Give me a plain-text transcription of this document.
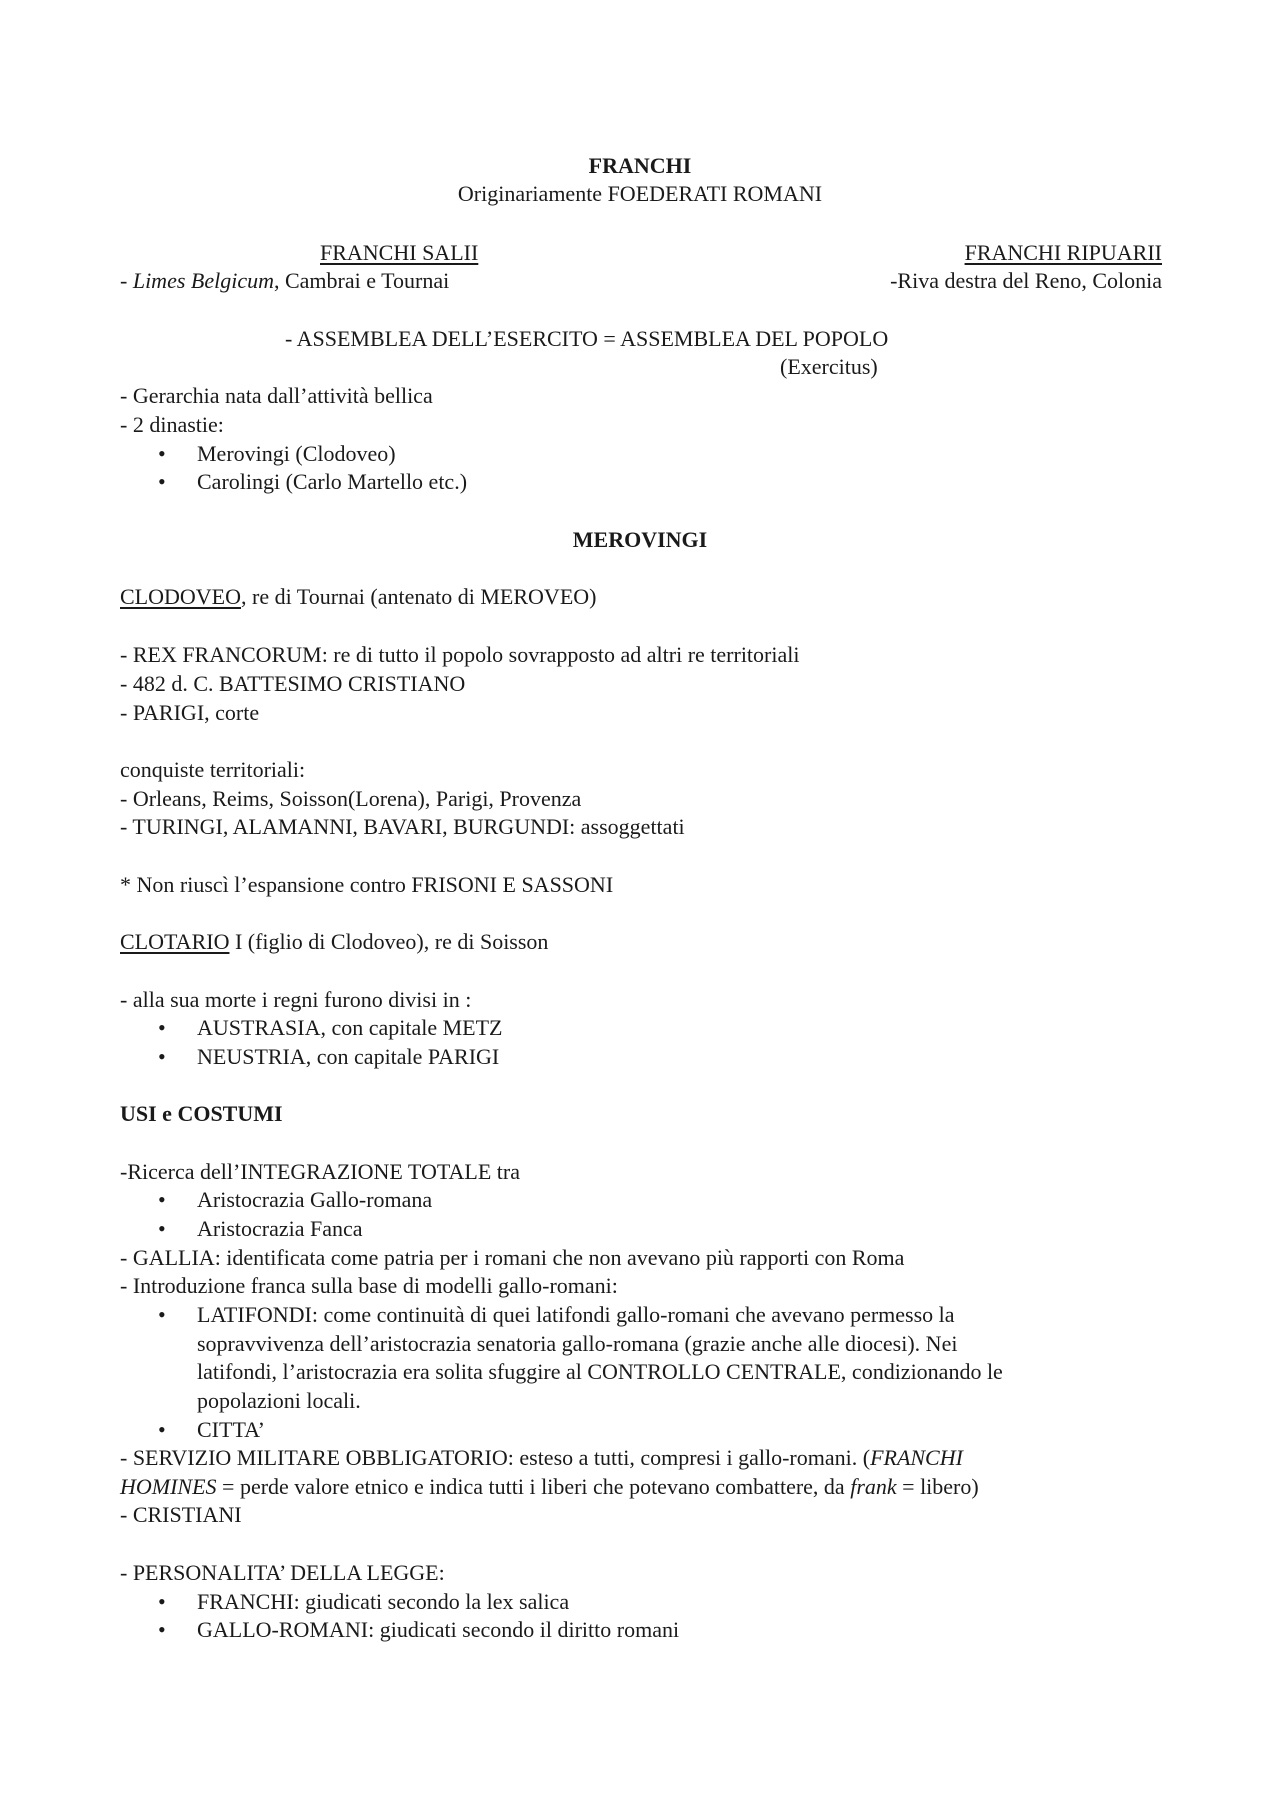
FRANCHI
Originariamente FOEDERATI ROMANI
FRANCHI SALII
- Limes Belgicum, Cambrai e Tournai
FRANCHI RIPUARII
-Riva destra del Reno, Colonia
- ASSEMBLEA DELL’ESERCITO = ASSEMBLEA DEL POPOLO
(Exercitus)
- Gerarchia nata dall’attività bellica
- 2 dinastie:
• Merovingi (Clodoveo)
• Carolingi (Carlo Martello etc.)
MEROVINGI
CLODOVEO, re di Tournai (antenato di MEROVEO)
- REX FRANCORUM: re di tutto il popolo sovrapposto ad altri re territoriali
- 482 d. C. BATTESIMO CRISTIANO
- PARIGI, corte
conquiste territoriali:
- Orleans, Reims, Soisson(Lorena), Parigi, Provenza
- TURINGI, ALAMANNI, BAVARI, BURGUNDI: assoggettati
* Non riuscì l’espansione contro FRISONI E SASSONI
CLOTARIO I (figlio di Clodoveo), re di Soisson
- alla sua morte i regni furono divisi in :
• AUSTRASIA, con capitale METZ
• NEUSTRIA, con capitale PARIGI
USI e COSTUMI
-Ricerca dell’INTEGRAZIONE TOTALE tra
• Aristocrazia Gallo-romana
• Aristocrazia Fanca
- GALLIA: identificata come patria per i romani che non avevano più rapporti con Roma
- Introduzione franca sulla base di modelli gallo-romani:
• LATIFONDI: come continuità di quei latifondi gallo-romani che avevano permesso la
sopravvivenza dell’aristocrazia senatoria gallo-romana (grazie anche alle diocesi). Nei
latifondi, l’aristocrazia era solita sfuggire al CONTROLLO CENTRALE, condizionando le
popolazioni locali.
• CITTA’
- SERVIZIO MILITARE OBBLIGATORIO: esteso a tutti, compresi i gallo-romani. (FRANCHI
HOMINES = perde valore etnico e indica tutti i liberi che potevano combattere, da frank = libero)
- CRISTIANI
- PERSONALITA’ DELLA LEGGE:
• FRANCHI: giudicati secondo la lex salica
• GALLO-ROMANI: giudicati secondo il diritto romani
